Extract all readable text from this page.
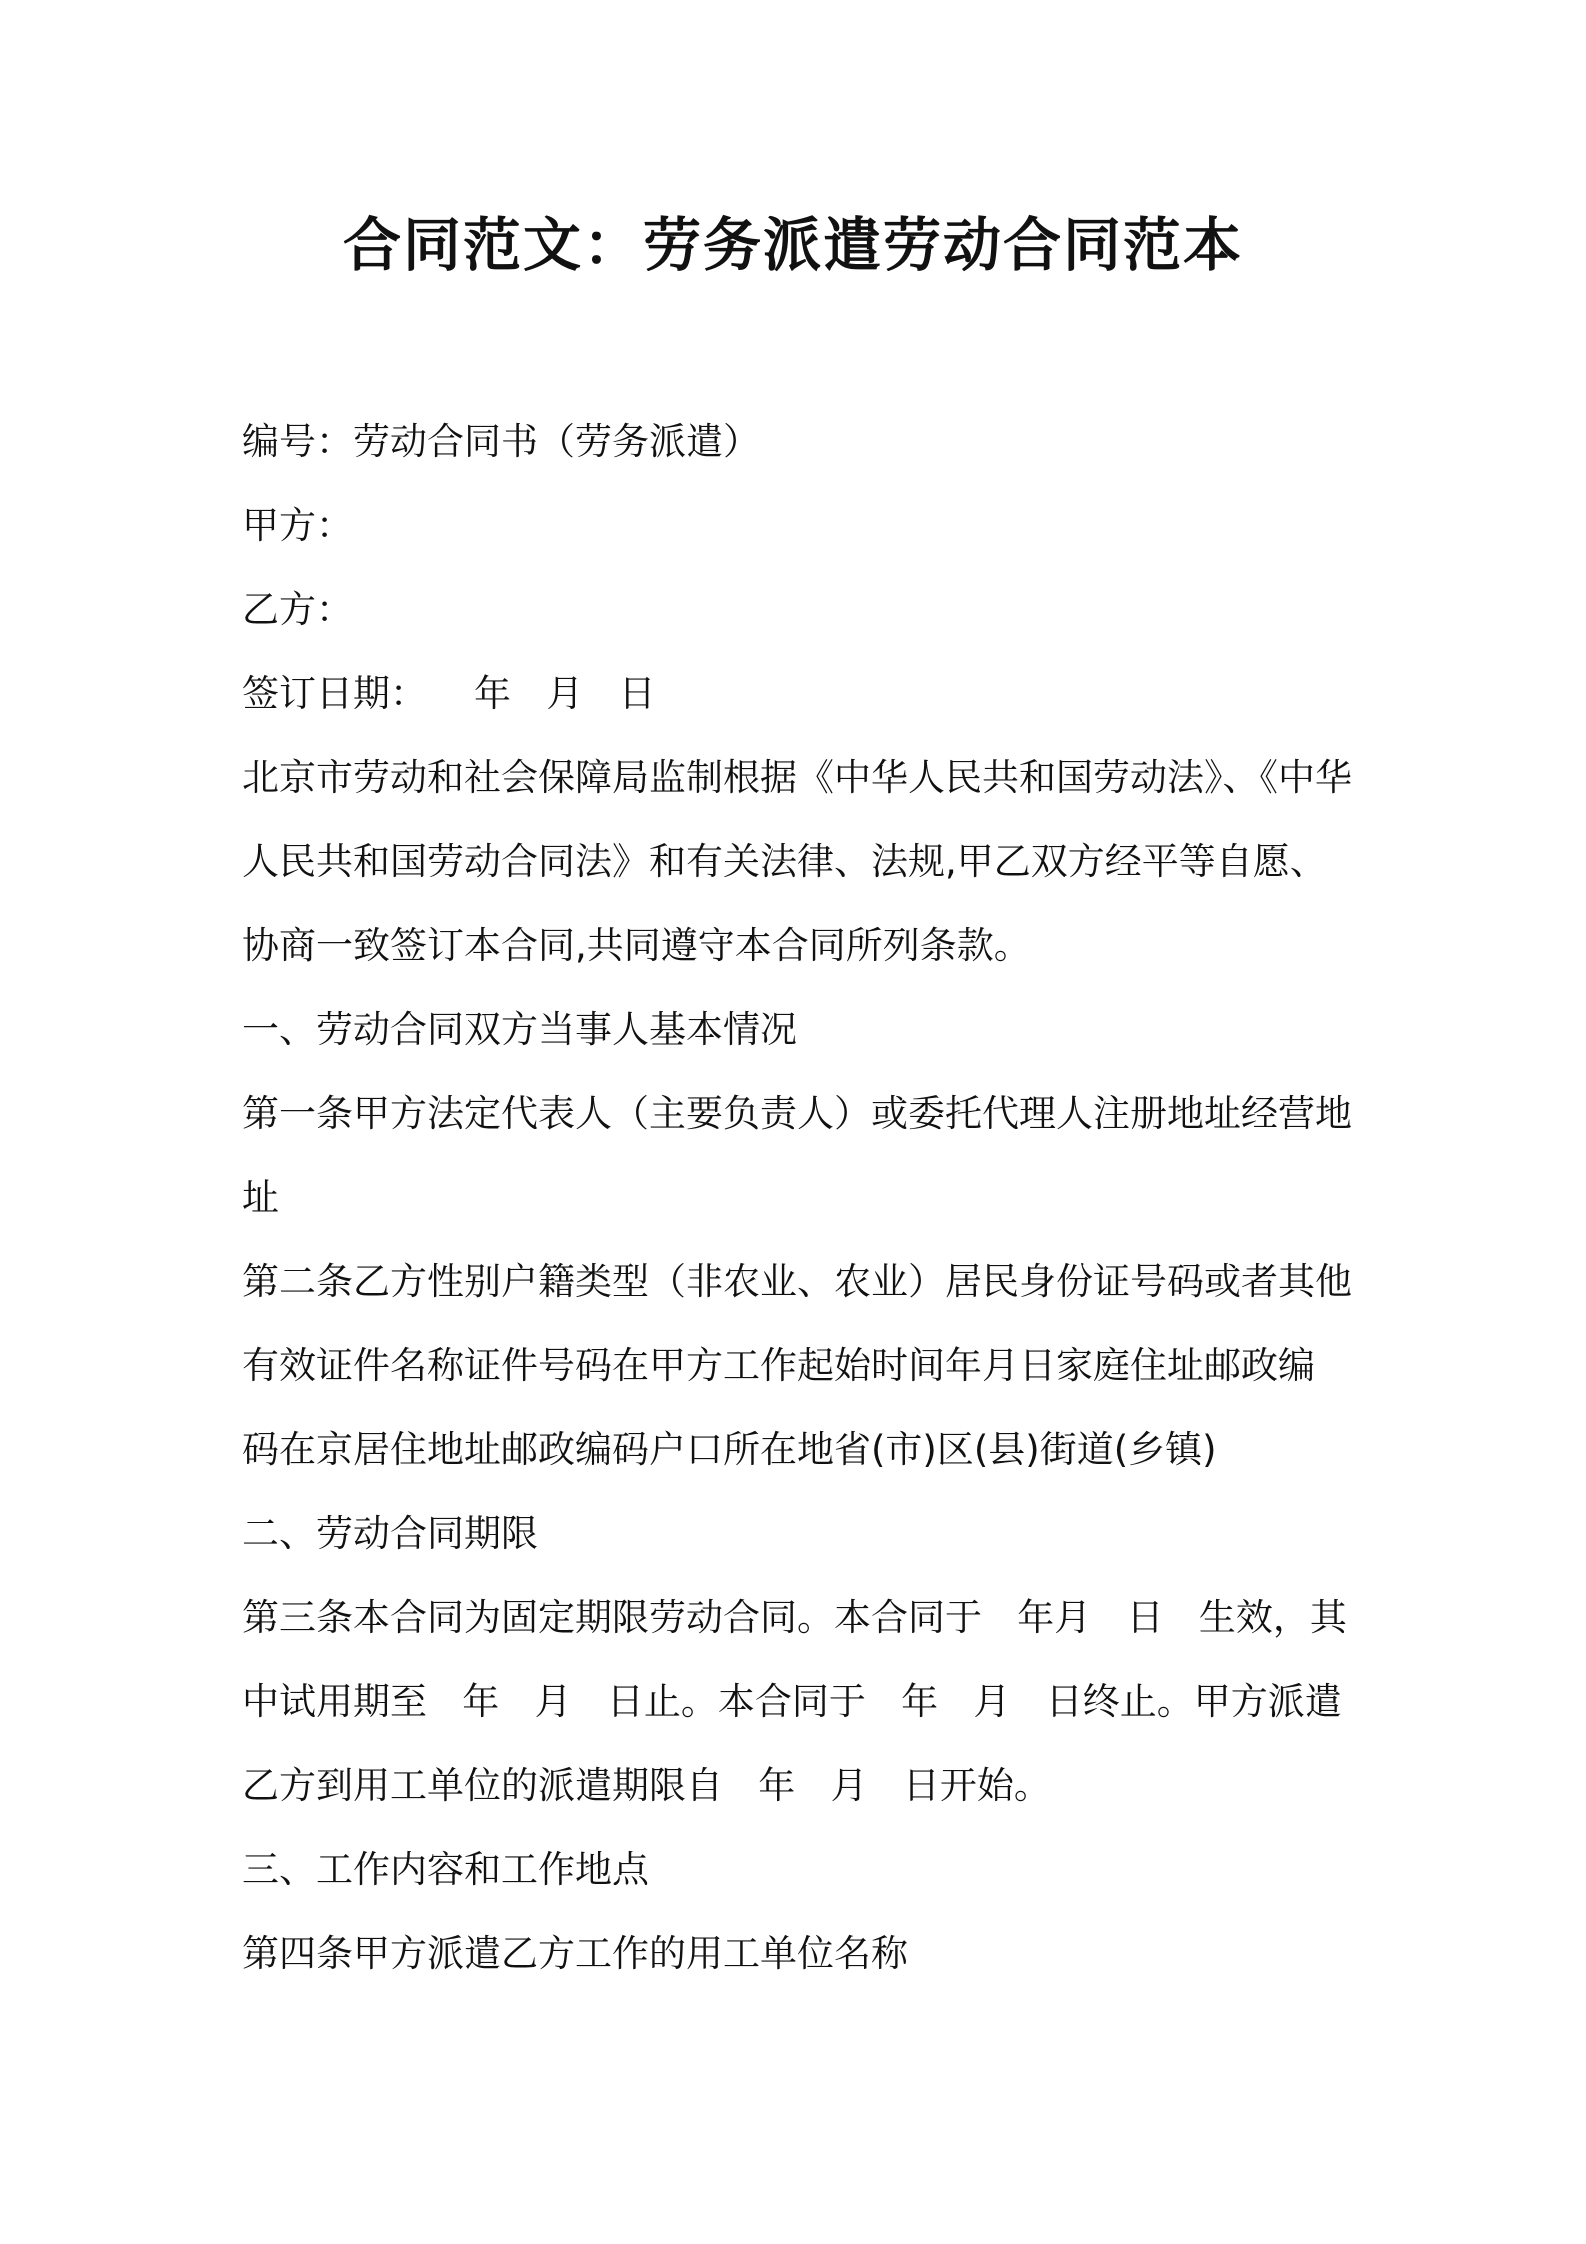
合同范文：劳务派遣劳动合同范本
编号：劳动合同书（劳务派遣）
甲方：
乙方：
签订日期：    年   月   日
北京市劳动和社会保障局监制根据《中华人民共和国劳动法》、《中华
人民共和国劳动合同法》和有关法律、法规,甲乙双方经平等自愿、
协商一致签订本合同,共同遵守本合同所列条款。
一、劳动合同双方当事人基本情况
第一条甲方法定代表人（主要负责人）或委托代理人注册地址经营地
址
第二条乙方性别户籍类型（非农业、农业）居民身份证号码或者其他
有效证件名称证件号码在甲方工作起始时间年月日家庭住址邮政编
码在京居住地址邮政编码户口所在地省(市)区(县)街道(乡镇)
二、劳动合同期限
第三条本合同为固定期限劳动合同。本合同于   年月   日   生效，其
中试用期至   年   月   日止。本合同于   年   月   日终止。甲方派遣
乙方到用工单位的派遣期限自   年   月   日开始。
三、工作内容和工作地点
第四条甲方派遣乙方工作的用工单位名称
